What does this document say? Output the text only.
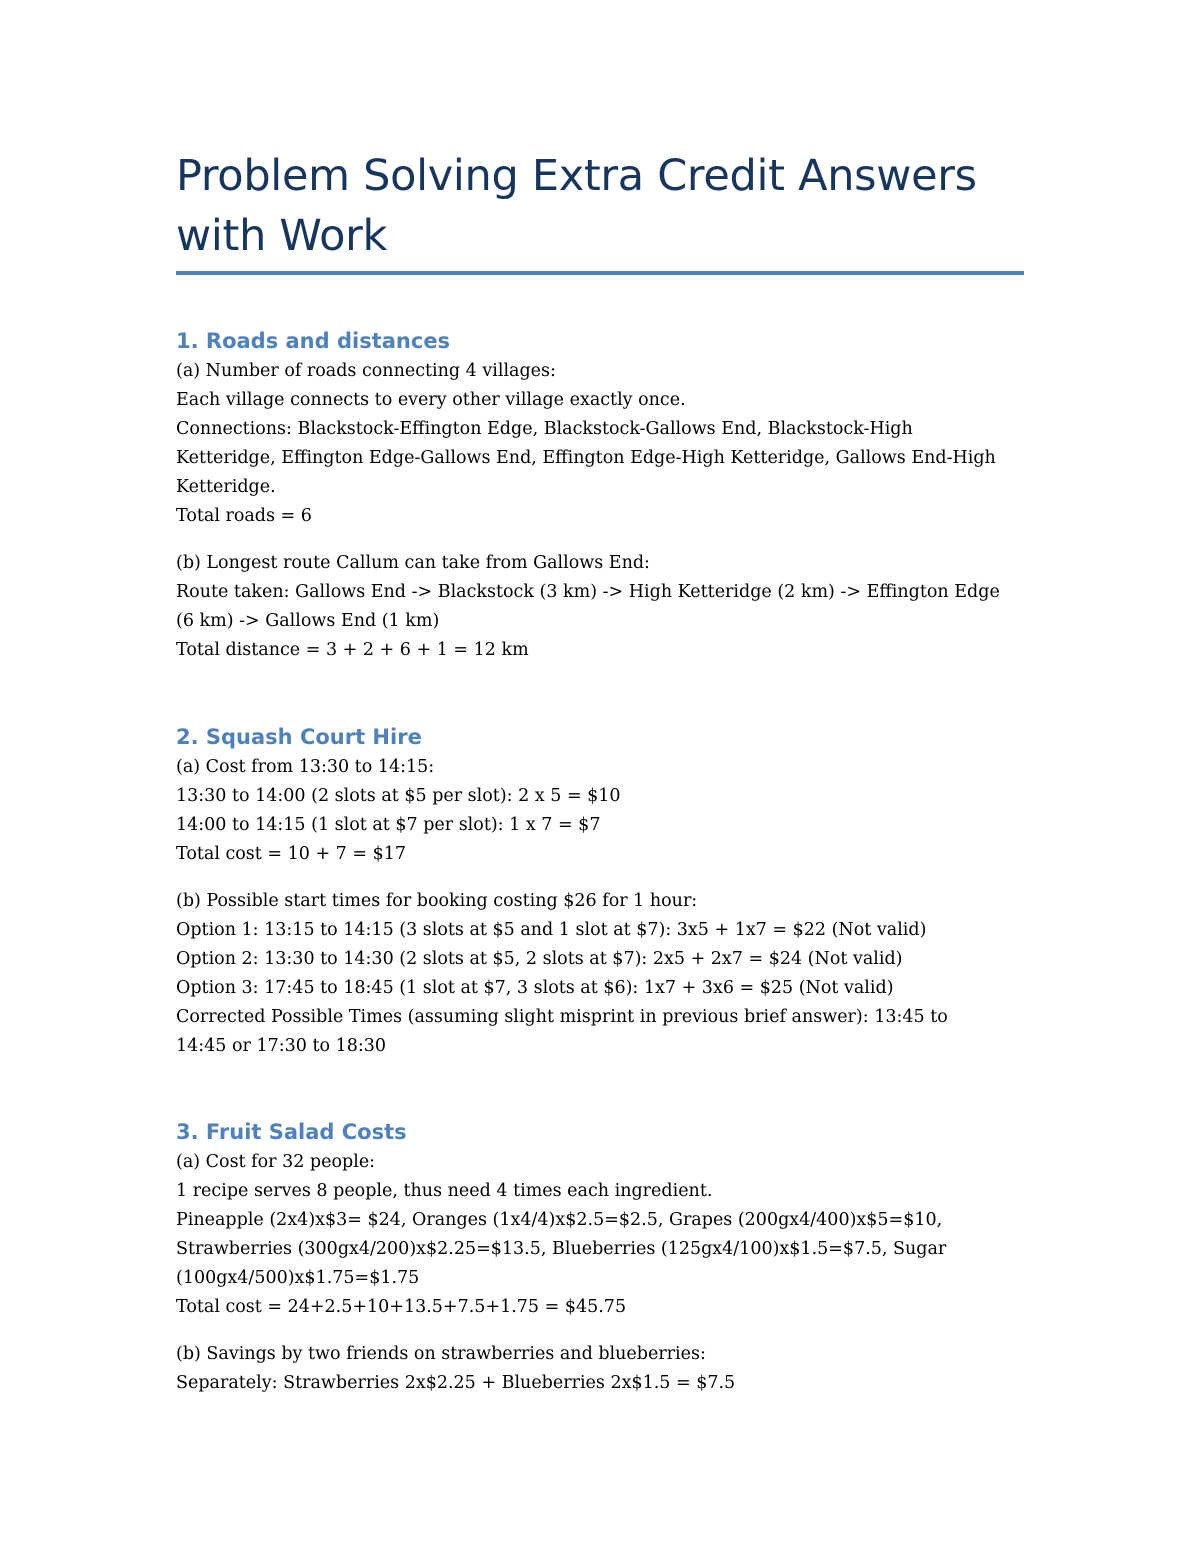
Problem Solving Extra Credit Answers
with Work
1. Roads and distances

(a) Number of roads connecting 4 villages:
Each village connects to every other village exactly once.
Connections: Blackstock-Effington Edge, Blackstock-Gallows End, Blackstock-High
Ketteridge, Effington Edge-Gallows End, Effington Edge-High Ketteridge, Gallows End-High
Ketteridge.
Total roads = 6

(b) Longest route Callum can take from Gallows End:
Route taken: Gallows End -> Blackstock (3 km) -> High Ketteridge (2 km) -> Effington Edge
(6 km) -> Gallows End (1 km)
Total distance = 3 + 2 + 6 + 1 = 12 km

2. Squash Court Hire

(a) Cost from 13:30 to 14:15:
13:30 to 14:00 (2 slots at $5 per slot): 2 x 5 = $10
14:00 to 14:15 (1 slot at $7 per slot): 1 x 7 = $7
Total cost = 10 + 7 = $17

(b) Possible start times for booking costing $26 for 1 hour:
Option 1: 13:15 to 14:15 (3 slots at $5 and 1 slot at $7): 3x5 + 1x7 = $22 (Not valid)
Option 2: 13:30 to 14:30 (2 slots at $5, 2 slots at $7): 2x5 + 2x7 = $24 (Not valid)
Option 3: 17:45 to 18:45 (1 slot at $7, 3 slots at $6): 1x7 + 3x6 = $25 (Not valid)
Corrected Possible Times (assuming slight misprint in previous brief answer): 13:45 to
14:45 or 17:30 to 18:30

3. Fruit Salad Costs

(a) Cost for 32 people:
1 recipe serves 8 people, thus need 4 times each ingredient.
Pineapple (2x4)x$3= $24, Oranges (1x4/4)x$2.5=$2.5, Grapes (200gx4/400)x$5=$10,
Strawberries (300gx4/200)x$2.25=$13.5, Blueberries (125gx4/100)x$1.5=$7.5, Sugar
(100gx4/500)x$1.75=$1.75
Total cost = 24+2.5+10+13.5+7.5+1.75 = $45.75

(b) Savings by two friends on strawberries and blueberries:
Separately: Strawberries 2x$2.25 + Blueberries 2x$1.5 = $7.5
